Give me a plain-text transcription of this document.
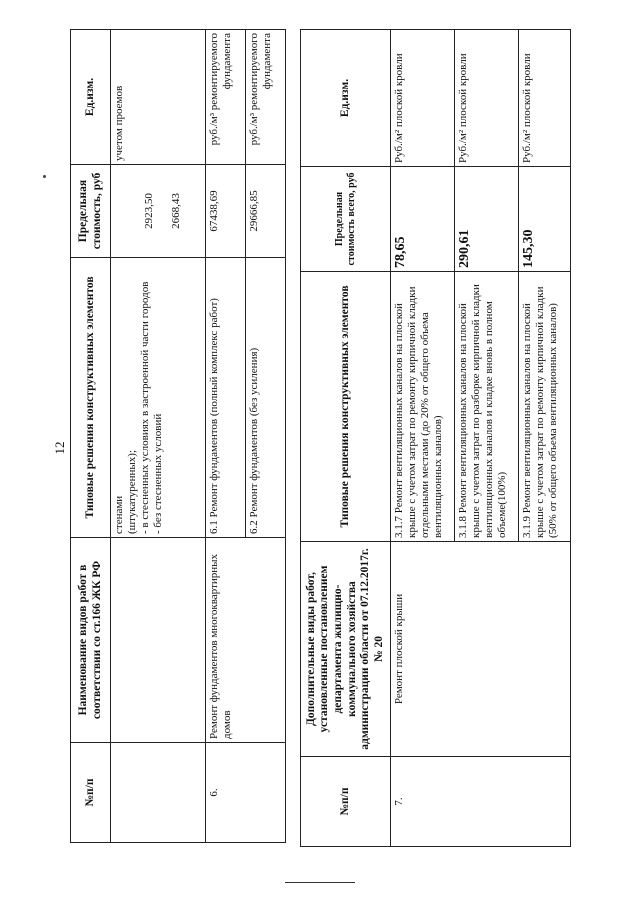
12
№п/п	Наименование видов работ в соответствии со ст.166 ЖК РФ	Типовые решения конструктивных элементов	Предельная стоимость, руб	Ед.изм.

		стенами (штукатуренных); - в стесненных условиях в застроенной части городов - без стесненных условий	2923,50 2668,43	учетом проемов
6.	Ремонт фундаментов многоквартирных домов	6.1 Ремонт фундаментов (полный комплекс работ)	67438,69	руб./м³ ремонтируемого фундамента
		6.2 Ремонт фундаментов (без усиления)	29666,85	руб./м³ ремонтируемого фундамента
№п/п	Дополнительные виды работ, установленные постановлением департамента жилищно-коммунального хозяйства администрации области от 07.12.2017г. № 20	Типовые решения конструктивных элементов	Предельная стоимость всего, руб	Ед.изм.
7.	Ремонт плоской крыши	3.1.7 Ремонт вентиляционных каналов на плоской крыше с учетом затрат по ремонту кирпичной кладки отдельными местами (до 20% от общего объема вентиляционных каналов)	78,65	Руб./м² плоской кровли
		3.1.8 Ремонт вентиляционных каналов на плоской крыше с учетом затрат по разборке кирпичной кладки вентиляционных каналов и кладке вновь в полном объеме(100%)	290,61	Руб./м² плоской кровли
		3.1.9 Ремонт вентиляционных каналов на плоской крыше с учетом затрат по ремонту кирпичной кладки (50% от общего объема вентиляционных каналов)	145,30	Руб./м² плоской кровли
